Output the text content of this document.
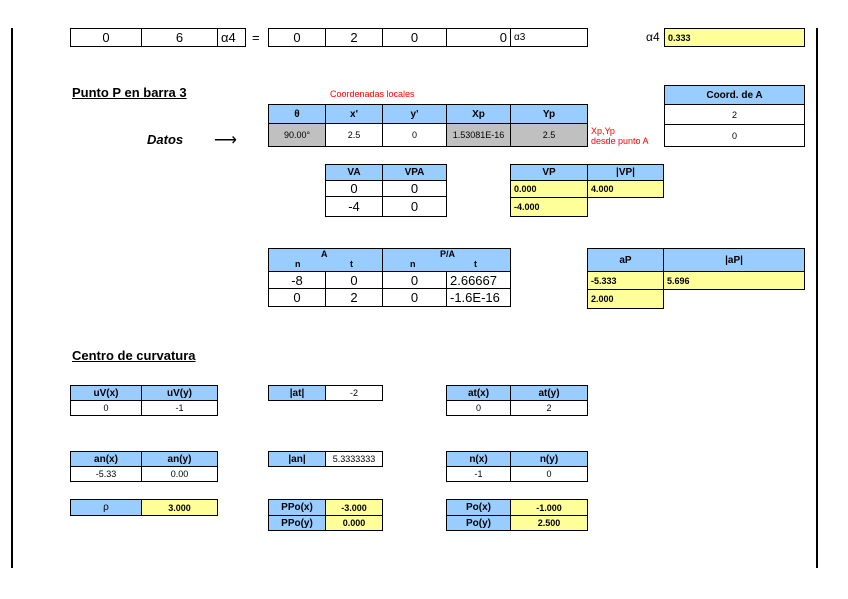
0	6	α4	=	0	2	0	0 α3	α4 0.333
Punto P en barra 3	Coordenadas locales
θ	x'	y'	Xp	Yp
Datos ⟶	90.00°	2.5	0	1.53081E-16	2.5	Xp,Yp
desde punto A
Coord. de A
2
0
VA	VPA
0	0
-4	0
VP	|VP|
0.000	4.000
-4.000
A
n	t
P/A
n	t
-8	0	0	2.66667
0	2	0	-1.6E-16
aP	|aP|
-5.333	5.696
2.000
Centro de curvatura
uV(x)	uV(y)
0	-1
|at|	-2	at(x)	at(y)
0	2
an(x)	an(y)
-5.33	0.00
|an|	5.3333333	n(x)	n(y)
-1	0
ρ	3.000	PPo(x)	-3.000
PPo(y)	0.000
Po(x)	-1.000
Po(y)	2.500
